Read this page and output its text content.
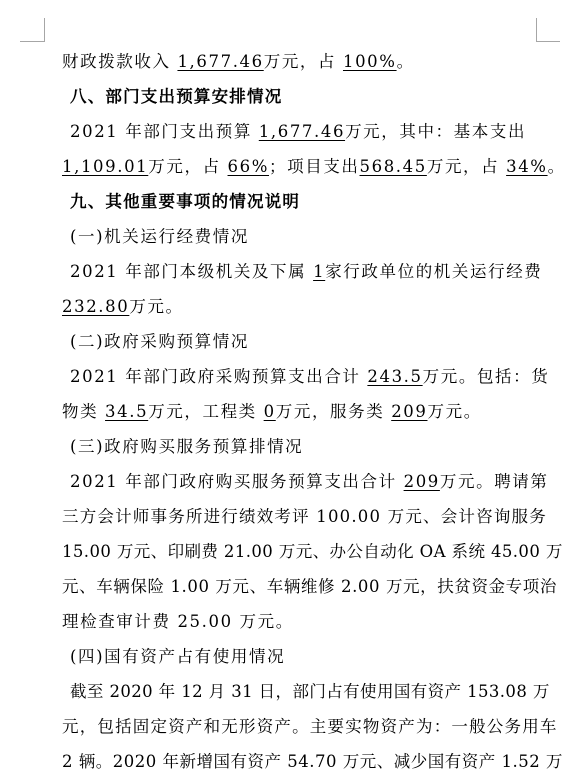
财政拨款收入 1,677.46万元，占 100%。
八、部门支出预算安排情况
2021 年部门支出预算 1,677.46万元，其中：基本支出
1,109.01万元，占 66%；项目支出568.45万元，占 34%。
九、其他重要事项的情况说明
(一)机关运行经费情况
2021 年部门本级机关及下属 1家行政单位的机关运行经费
232.80万元。
(二)政府采购预算情况
2021 年部门政府采购预算支出合计 243.5万元。包括：货
物类 34.5万元，工程类 0万元，服务类 209万元。
(三)政府购买服务预算排情况
2021 年部门政府购买服务预算支出合计 209万元。聘请第
三方会计师事务所进行绩效考评 100.00 万元、会计咨询服务
15.00 万元、印刷费 21.00 万元、办公自动化 OA 系统 45.00 万
元、车辆保险 1.00 万元、车辆维修 2.00 万元，扶贫资金专项治
理检查审计费 25.00 万元。
(四)国有资产占有使用情况
截至 2020 年 12 月 31 日，部门占有使用国有资产 153.08 万
元，包括固定资产和无形资产。主要实物资产为：一般公务用车
2 辆。2020 年新增国有资产 54.70 万元、减少国有资产 1.52 万
